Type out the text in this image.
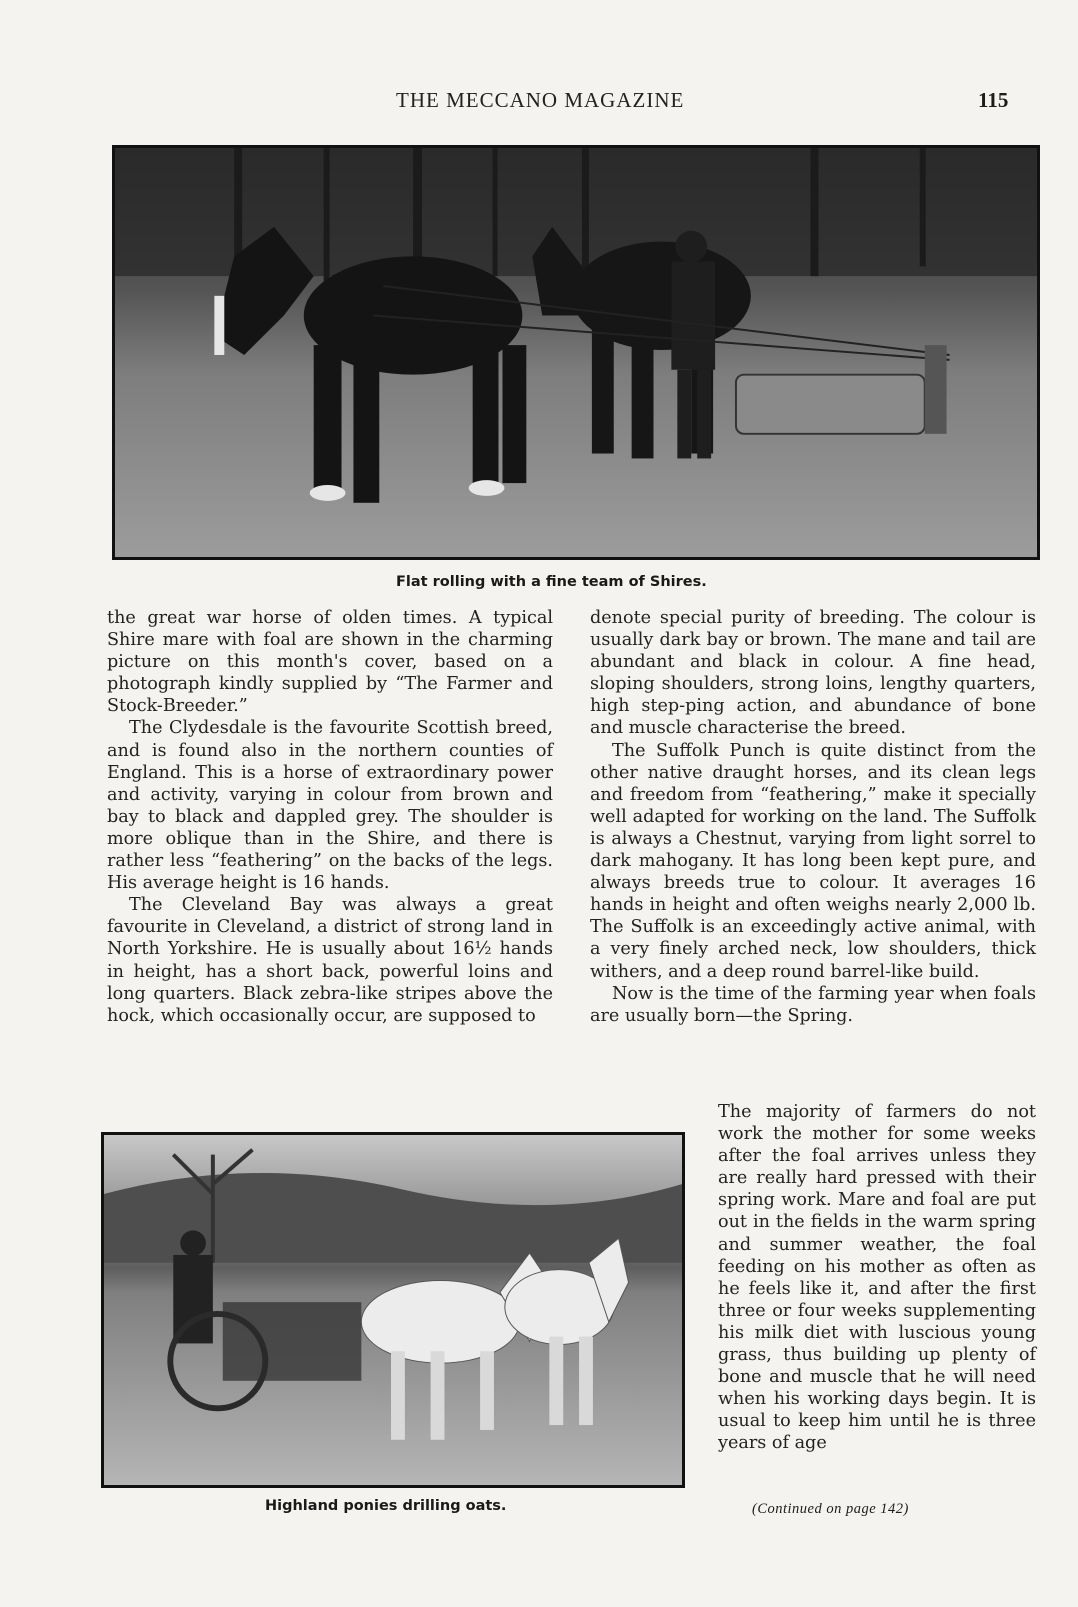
THE MECCANO MAGAZINE	115
Flat rolling with a fine team of Shires.

the great war horse of olden times. A typical Shire mare with foal are shown in the charming picture on this month's cover, based on a photograph kindly supplied by “The Farmer and Stock-Breeder.”

The Clydesdale is the favourite Scottish breed, and is found also in the northern counties of England. This is a horse of extraordinary power and activity, varying in colour from brown and bay to black and dappled grey. The shoulder is more oblique than in the Shire, and there is rather less “feathering” on the backs of the legs. His average height is 16 hands.

The Cleveland Bay was always a great favourite in Cleveland, a district of strong land in North Yorkshire. He is usually about 16½ hands in height, has a short back, powerful loins and long quarters. Black zebra-like stripes above the hock, which occasionally occur, are supposed to

denote special purity of breeding. The colour is usually dark bay or brown. The mane and tail are abundant and black in colour. A fine head, sloping shoulders, strong loins, lengthy quarters, high step-ping action, and abundance of bone and muscle characterise the breed.

The Suffolk Punch is quite distinct from the other native draught horses, and its clean legs and freedom from “feathering,” make it specially well adapted for working on the land. The Suffolk is always a Chestnut, varying from light sorrel to dark mahogany. It has long been kept pure, and always breeds true to colour. It averages 16 hands in height and often weighs nearly 2,000 lb. The Suffolk is an exceedingly active animal, with a very finely arched neck, low shoulders, thick withers, and a deep round barrel-like build.

Now is the time of the farming year when foals are usually born—the Spring.

Highland ponies drilling oats.

The majority of farmers do not work the mother for some weeks after the foal arrives unless they are really hard pressed with their spring work. Mare and foal are put out in the fields in the warm spring and summer weather, the foal feeding on his mother as often as he feels like it, and after the first three or four weeks supplementing his milk diet with luscious young grass, thus building up plenty of bone and muscle that he will need when his working days begin. It is usual to keep him until he is three years of age

(Continued on page 142)
